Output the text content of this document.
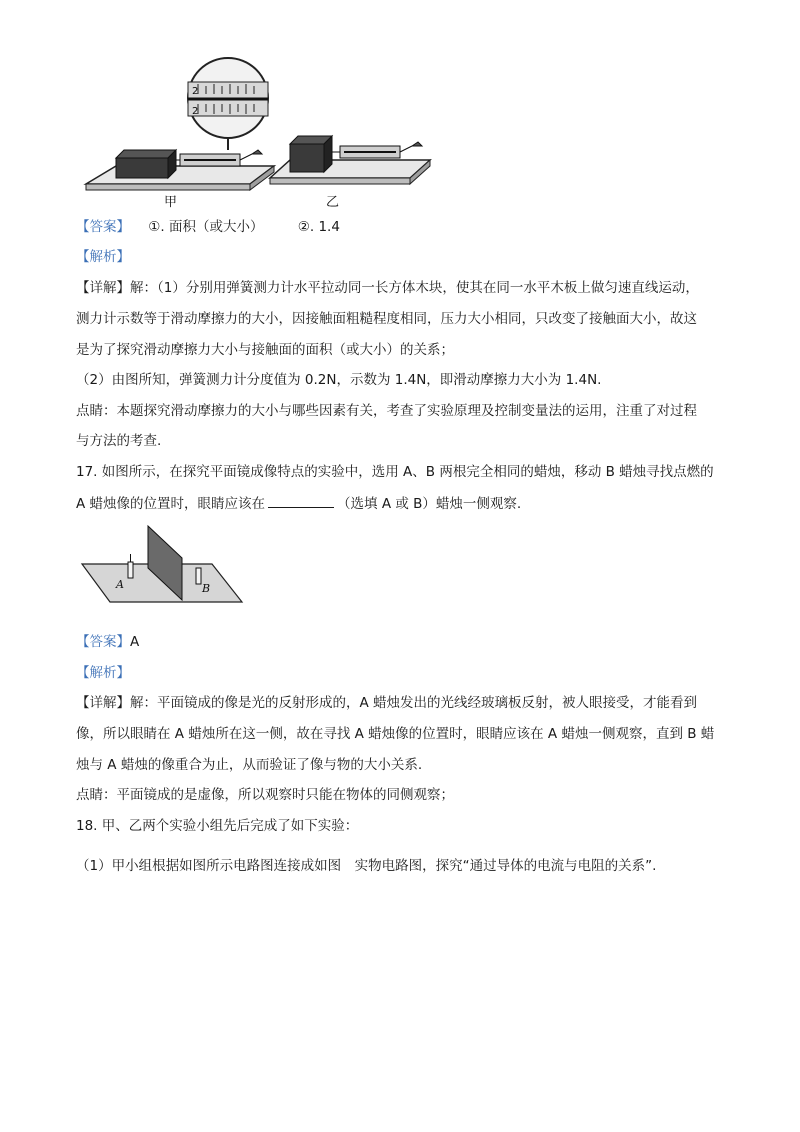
2
2
甲	乙
【答案】 ①. 面积（或大小）	②. 1.4
【解析】
【详解】解：（1）分别用弹簧测力计水平拉动同一长方体木块，使其在同一水平木板上做匀速直线运动，
测力计示数等于滑动摩擦力的大小，因接触面粗糙程度相同，压力大小相同，只改变了接触面大小，故这
是为了探究滑动摩擦力大小与接触面的面积（或大小）的关系；
（2）由图所知，弹簧测力计分度值为 0.2N，示数为 1.4N，即滑动摩擦力大小为 1.4N.
点睛：本题探究滑动摩擦力的大小与哪些因素有关，考查了实验原理及控制变量法的运用，注重了对过程
与方法的考查.
17. 如图所示，在探究平面镜成像特点的实验中，选用 A、B 两根完全相同的蜡烛，移动 B 蜡烛寻找点燃的
A 蜡烛像的位置时，眼睛应该在	（选填 A 或 B）蜡烛一侧观察.
A	B
【答案】A
【解析】
【详解】解：平面镜成的像是光的反射形成的，A 蜡烛发出的光线经玻璃板反射，被人眼接受，才能看到
像，所以眼睛在 A 蜡烛所在这一侧，故在寻找 A 蜡烛像的位置时，眼睛应该在 A 蜡烛一侧观察，直到 B 蜡
烛与 A 蜡烛的像重合为止，从而验证了像与物的大小关系.
点睛：平面镜成的是虚像，所以观察时只能在物体的同侧观察；
18. 甲、乙两个实验小组先后完成了如下实验：
（1）甲小组根据如图所示电路图连接成如图　实物电路图，探究“通过导体的电流与电阻的关系”.
